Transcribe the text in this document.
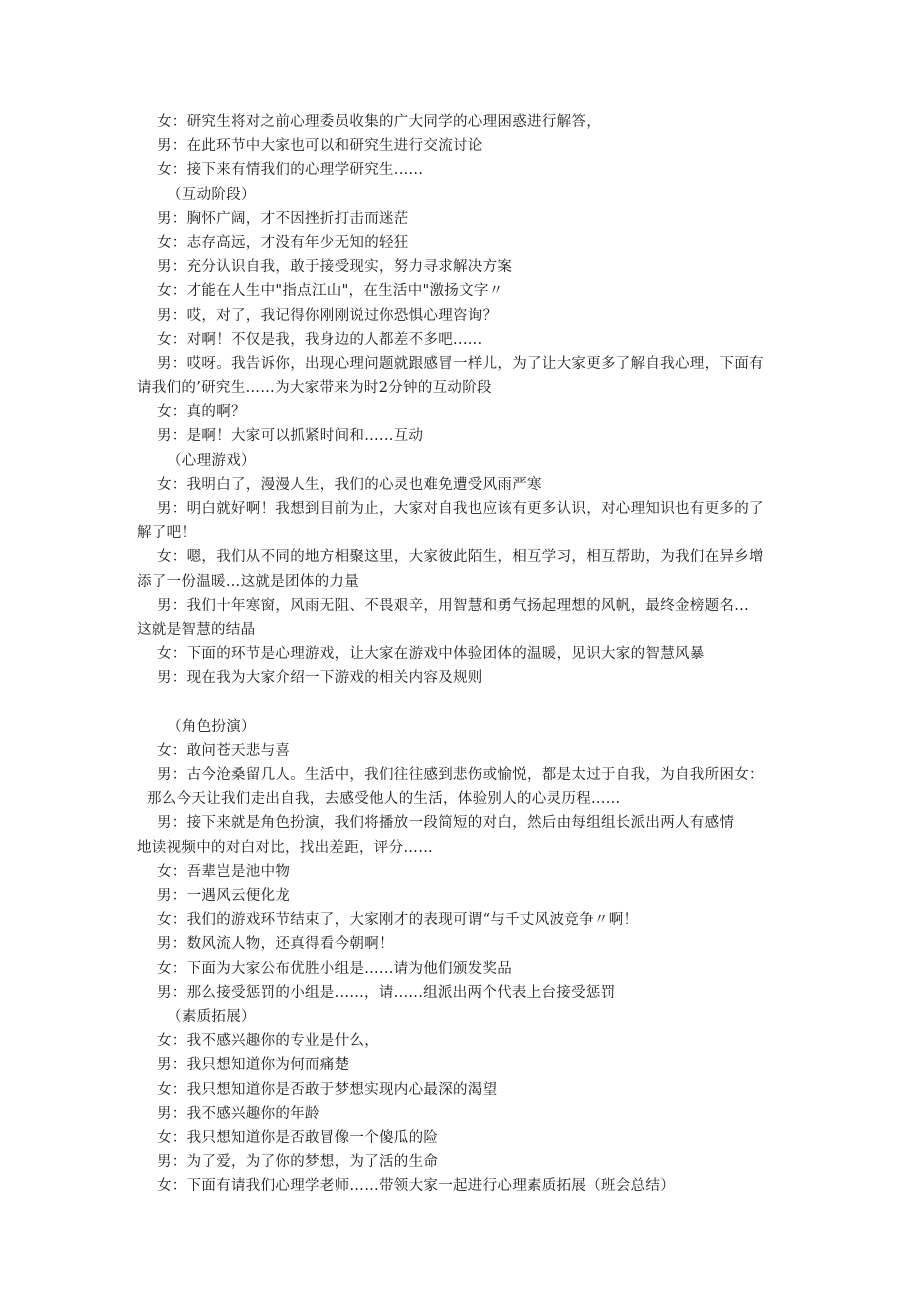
女：研究生将对之前心理委员收集的广大同学的心理困惑进行解答，
男：在此环节中大家也可以和研究生进行交流讨论
女：接下来有情我们的心理学研究生......
（互动阶段）
男：胸怀广阔，才不因挫折打击而迷茫
女：志存高远，才没有年少无知的轻狂
男：充分认识自我，敢于接受现实，努力寻求解决方案
女：才能在人生中"指点江山"，在生活中"激扬文字〃
男：哎，对了，我记得你刚刚说过你恐惧心理咨询？
女：对啊！不仅是我，我身边的人都差不多吧......
男：哎呀。我告诉你，出现心理问题就跟感冒一样儿，为了让大家更多了解自我心理，下面有
请我们的’研究生……为大家带来为时2分钟的互动阶段
女：真的啊？
男：是啊！大家可以抓紧时间和......互动
（心理游戏）
女：我明白了，漫漫人生，我们的心灵也难免遭受风雨严寒
男：明白就好啊！我想到目前为止，大家对自我也应该有更多认识，对心理知识也有更多的了
解了吧！
女：嗯，我们从不同的地方相聚这里，大家彼此陌生，相互学习，相互帮助，为我们在异乡增
添了一份温暖…这就是团体的力量
男：我们十年寒窗，风雨无阻、不畏艰辛，用智慧和勇气扬起理想的风帆，最终金榜题名...
这就是智慧的结晶
女：下面的环节是心理游戏，让大家在游戏中体验团体的温暖，见识大家的智慧风暴
男：现在我为大家介绍一下游戏的相关内容及规则
（角色扮演）
女：敢问苍天悲与喜
男：古今沧桑留几人。生活中，我们往往感到悲伤或愉悦，都是太过于自我，为自我所困女：
那么今天让我们走出自我，去感受他人的生活，体验别人的心灵历程......
男：接下来就是角色扮演，我们将播放一段简短的对白，然后由每组组长派出两人有感情
地读视频中的对白对比，找出差距，评分……
女：吾辈岂是池中物
男：一遇风云便化龙
女：我们的游戏环节结束了，大家刚才的表现可谓“与千丈风波竞争〃啊！
男：数风流人物，还真得看今朝啊！
女：下面为大家公布优胜小组是......请为他们颁发奖品
男：那么接受惩罚的小组是......，请......组派出两个代表上台接受惩罚
（素质拓展）
女：我不感兴趣你的专业是什么，
男：我只想知道你为何而痛楚
女：我只想知道你是否敢于梦想实现内心最深的渴望
男：我不感兴趣你的年龄
女：我只想知道你是否敢冒像一个傻瓜的险
男：为了爱，为了你的梦想，为了活的生命
女：下面有请我们心理学老师……带领大家一起进行心理素质拓展（班会总结）
